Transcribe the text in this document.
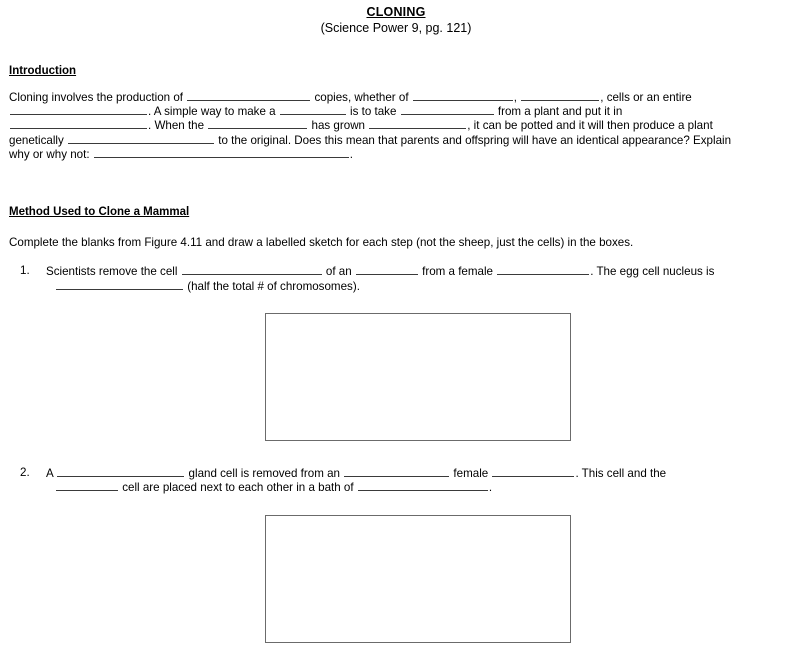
CLONING
(Science Power 9, pg. 121)
Introduction
Cloning involves the production of	copies, whether of	,	, cells or an entire
. A simple way to make a	is to take	from a plant and put it in
. When the	has grown	, it can be potted and it will then produce a plant
genetically	to the original. Does this mean that parents and offspring will have an identical appearance? Explain
why or why not:	.
Method Used to Clone a Mammal
Complete the blanks from Figure 4.11 and draw a labelled sketch for each step (not the sheep, just the cells) in the boxes.
1.	Scientists remove the cell	of an	from a female	. The egg cell nucleus is
(half the total # of chromosomes).
2.	A	gland cell is removed from an	female	. This cell and the
cell are placed next to each other in a bath of	.
